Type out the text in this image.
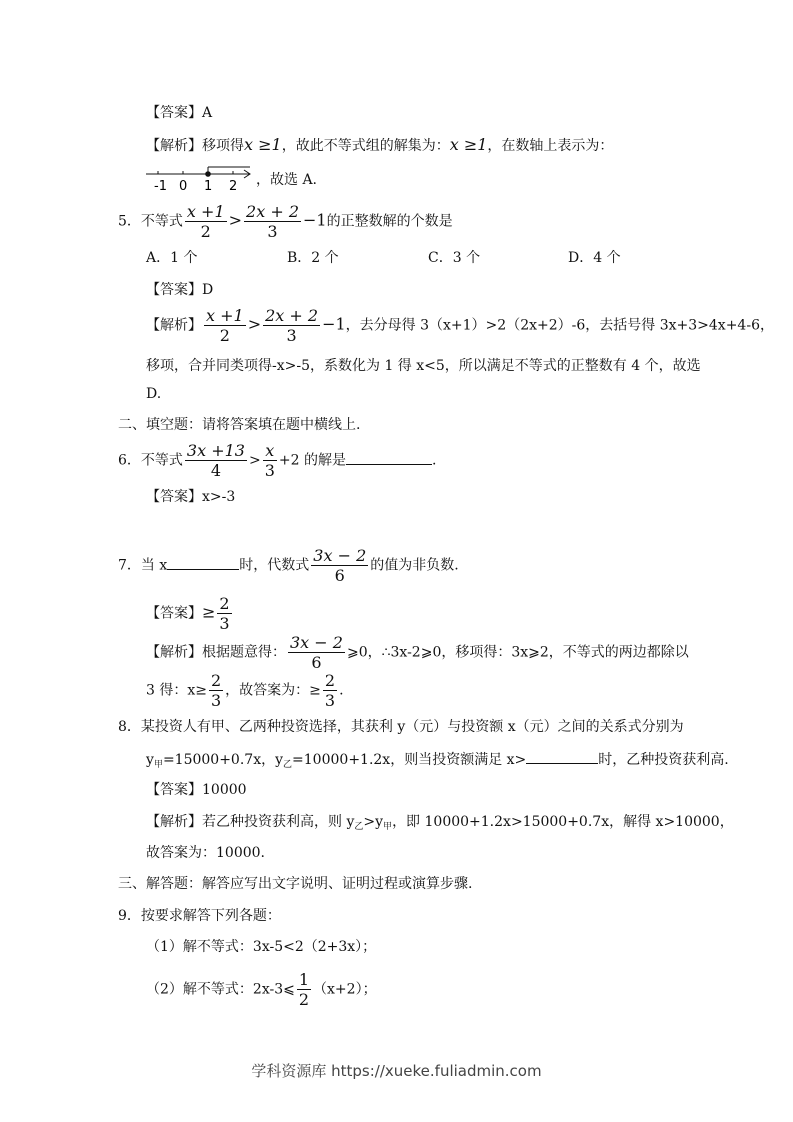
【答案】A
【解析】移项得x ≥1，故此不等式组的解集为：x ≥1，在数轴上表示为：
-1 0 1 2 ，故选 A.
5．不等式 $\frac{x +1}{2} > \frac{2x + 2}{3} -1$的正整数解的个数是
A．1 个	B．2 个	C．3 个	D．4 个
【答案】D
【解析】 $\frac{x +1}{2} > \frac{2x + 2}{3} -1$，去分母得 3（x+1）>2（2x+2）-6，去括号得 3x+3>4x+4-6，
移项，合并同类项得-x>-5，系数化为 1 得 x<5，所以满足不等式的正整数有 4 个，故选
D.
二、填空题：请将答案填在题中横线上.
6．不等式 $\frac{3x +13}{4} > \frac{x}{3} +2$ 的解是	.
【答案】x>-3
7．当 x	时，代数式 $\frac{3x - 2}{6}$ 的值为非负数.
【答案】≥ $\frac{2}{3}$
【解析】根据题意得： $\frac{3x - 2}{6}$ ⩾0，∴3x-2⩾0，移项得：3x⩾2，不等式的两边都除以
3 得：$x\ge \frac{2}{3}$ ，故答案为：≥ $\frac{2}{3}$ .
8．某投资人有甲、乙两种投资选择，其获利 y（元）与投资额 x（元）之间的关系式分别为
$y_甲=15000+0.7x$，$y_乙=10000+1.2x$，则当投资额满足 x>	时，乙种投资获利高.
【答案】10000
【解析】若乙种投资获利高，则 $y_乙>y_甲$，即 10000+1.2x>15000+0.7x，解得 x>10000，
故答案为：10000.
三、解答题：解答应写出文字说明、证明过程或演算步骤.
9．按要求解答下列各题：
（1）解不等式：3x-5<2（2+3x）；
（2）解不等式：2x-3⩽ $\frac{1}{2} (x+2)$；
学科资源库 https://xueke.fuliadmin.com
